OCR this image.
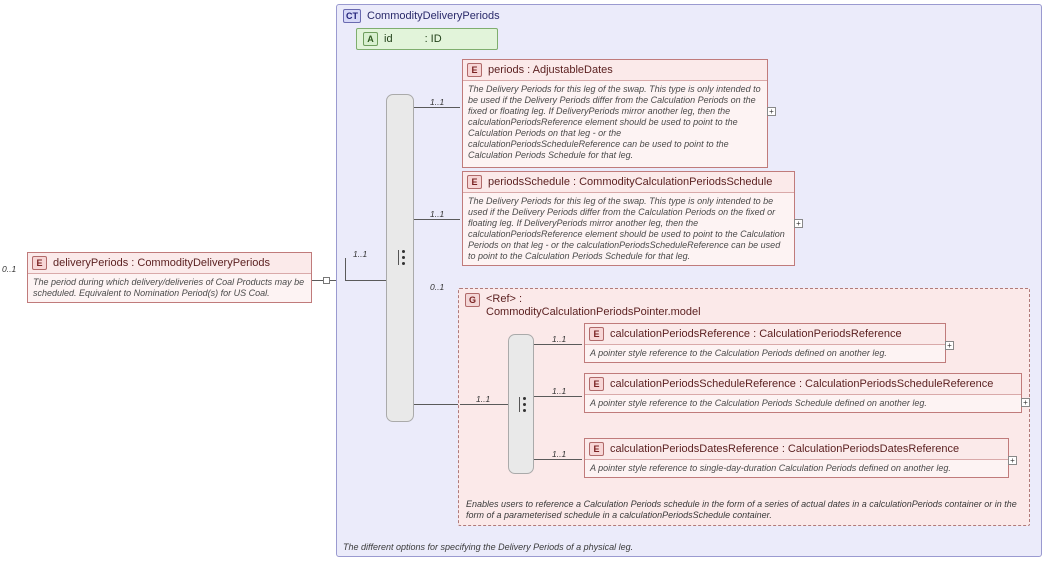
0..1
E deliveryPeriods : CommodityDeliveryPeriods
The period during which delivery/deliveries of Coal Products may be scheduled. Equivalent to Nomination Period(s) for US Coal.
CT CommodityDeliveryPeriods
The different options for specifying the Delivery Periods of a physical leg.
A id	: ID
1..1
1..1
1..1
0..1
E periods : AdjustableDates
The Delivery Periods for this leg of the swap. This type is only intended to be used if the Delivery Periods differ from the Calculation Periods on the fixed or floating leg. If DeliveryPeriods mirror another leg, then the calculationPeriodsReference element should be used to point to the Calculation Periods on that leg - or the calculationPeriodsScheduleReference can be used to point to the Calculation Periods Schedule for that leg.
+
E periodsSchedule : CommodityCalculationPeriodsSchedule
The Delivery Periods for this leg of the swap. This type is only intended to be used if the Delivery Periods differ from the Calculation Periods on the fixed or floating leg. If DeliveryPeriods mirror another leg, then the calculationPeriodsReference element should be used to point to the Calculation Periods on that leg - or the calculationPeriodsScheduleReference can be used to point to the Calculation Periods Schedule for that leg.
+
G <Ref> : CommodityCalculationPeriodsPointer.model
Enables users to reference a Calculation Periods schedule in the form of a series of actual dates in a calculationPeriods container or in the form of a parameterised schedule in a calculationPeriodsSchedule container.
1..1
1..1
1..1
1..1
E calculationPeriodsReference : CalculationPeriodsReference
A pointer style reference to the Calculation Periods defined on another leg.
+
E calculationPeriodsScheduleReference : CalculationPeriodsScheduleReference
A pointer style reference to the Calculation Periods Schedule defined on another leg.	+
E calculationPeriodsDatesReference : CalculationPeriodsDatesReference
A pointer style reference to single-day-duration Calculation Periods defined on another leg.
+
